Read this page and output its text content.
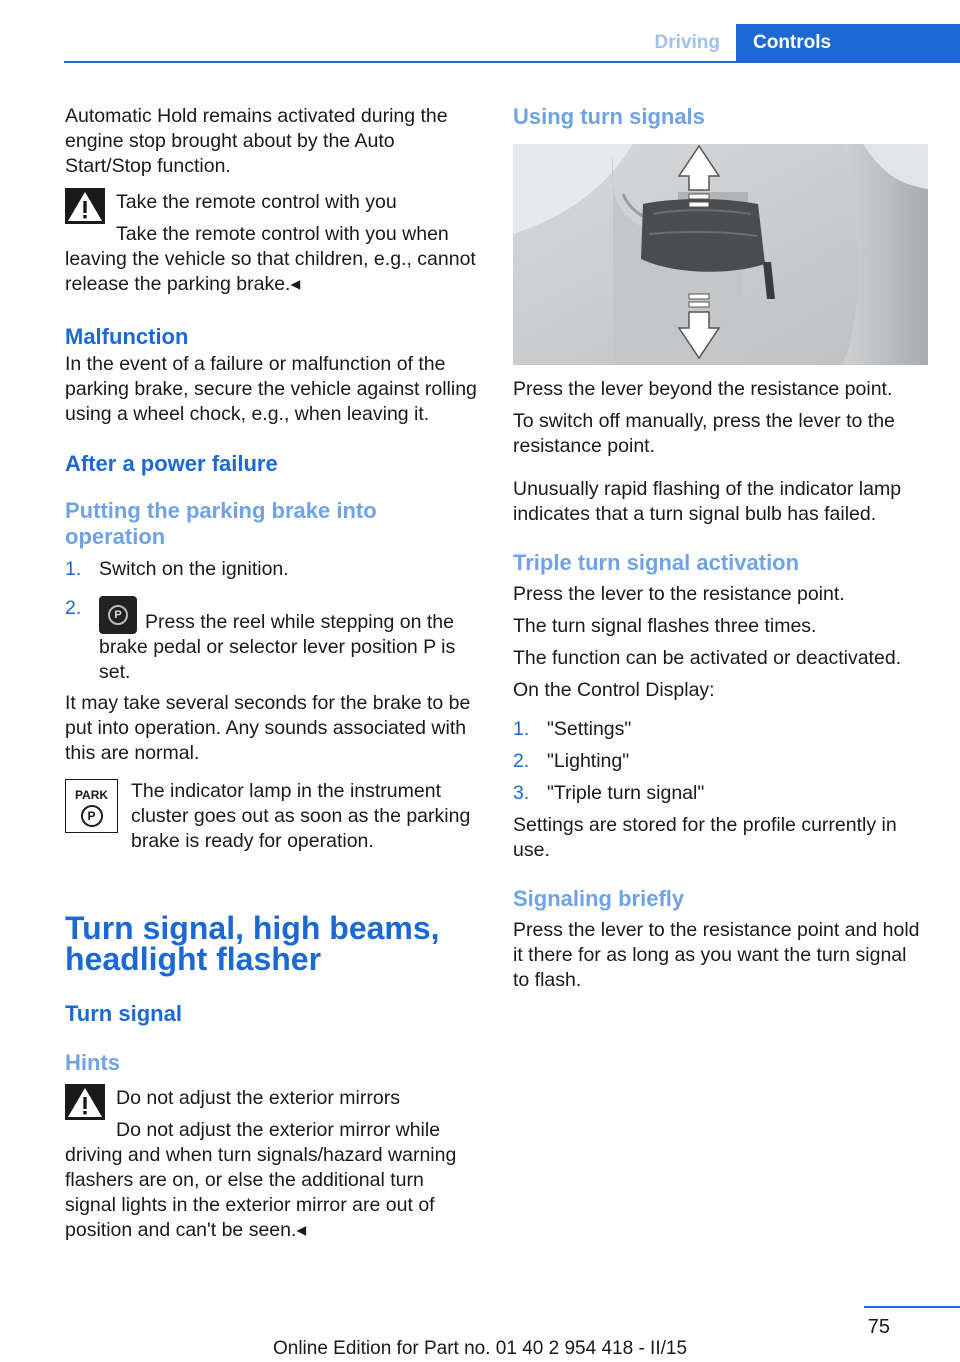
Driving	Controls

Automatic Hold remains activated during the engine stop brought about by the Auto Start/Stop function.

Take the remote control with you

Take the remote control with you when leaving the vehicle so that children, e.g., cannot release the parking brake.◂

Malfunction

In the event of a failure or malfunction of the parking brake, secure the vehicle against rolling using a wheel chock, e.g., when leaving it.

After a power failure
Putting the parking brake into operation
1. Switch on the ignition.
2.	P	Press the reel while stepping on the brake pedal or selector lever position P is set.

It may take several seconds for the brake to be put into operation. Any sounds associated with this are normal.

PARK
P

The indicator lamp in the instrument cluster goes out as soon as the parking brake is ready for operation.

Turn signal, high beams, headlight flasher
Turn signal
Hints

Do not adjust the exterior mirrors

Do not adjust the exterior mirror while driving and when turn signals/hazard warning flashers are on, or else the additional turn signal lights in the exterior mirror are out of position and can't be seen.◂

Using turn signals

Press the lever beyond the resistance point.

To switch off manually, press the lever to the resistance point.

Unusually rapid flashing of the indicator lamp indicates that a turn signal bulb has failed.

Triple turn signal activation

Press the lever to the resistance point.

The turn signal flashes three times.

The function can be activated or deactivated.

On the Control Display:

1. "Settings"
2. "Lighting"
3. "Triple turn signal"

Settings are stored for the profile currently in use.

Signaling briefly

Press the lever to the resistance point and hold it there for as long as you want the turn signal to flash.

75
Online Edition for Part no. 01 40 2 954 418 - II/15
